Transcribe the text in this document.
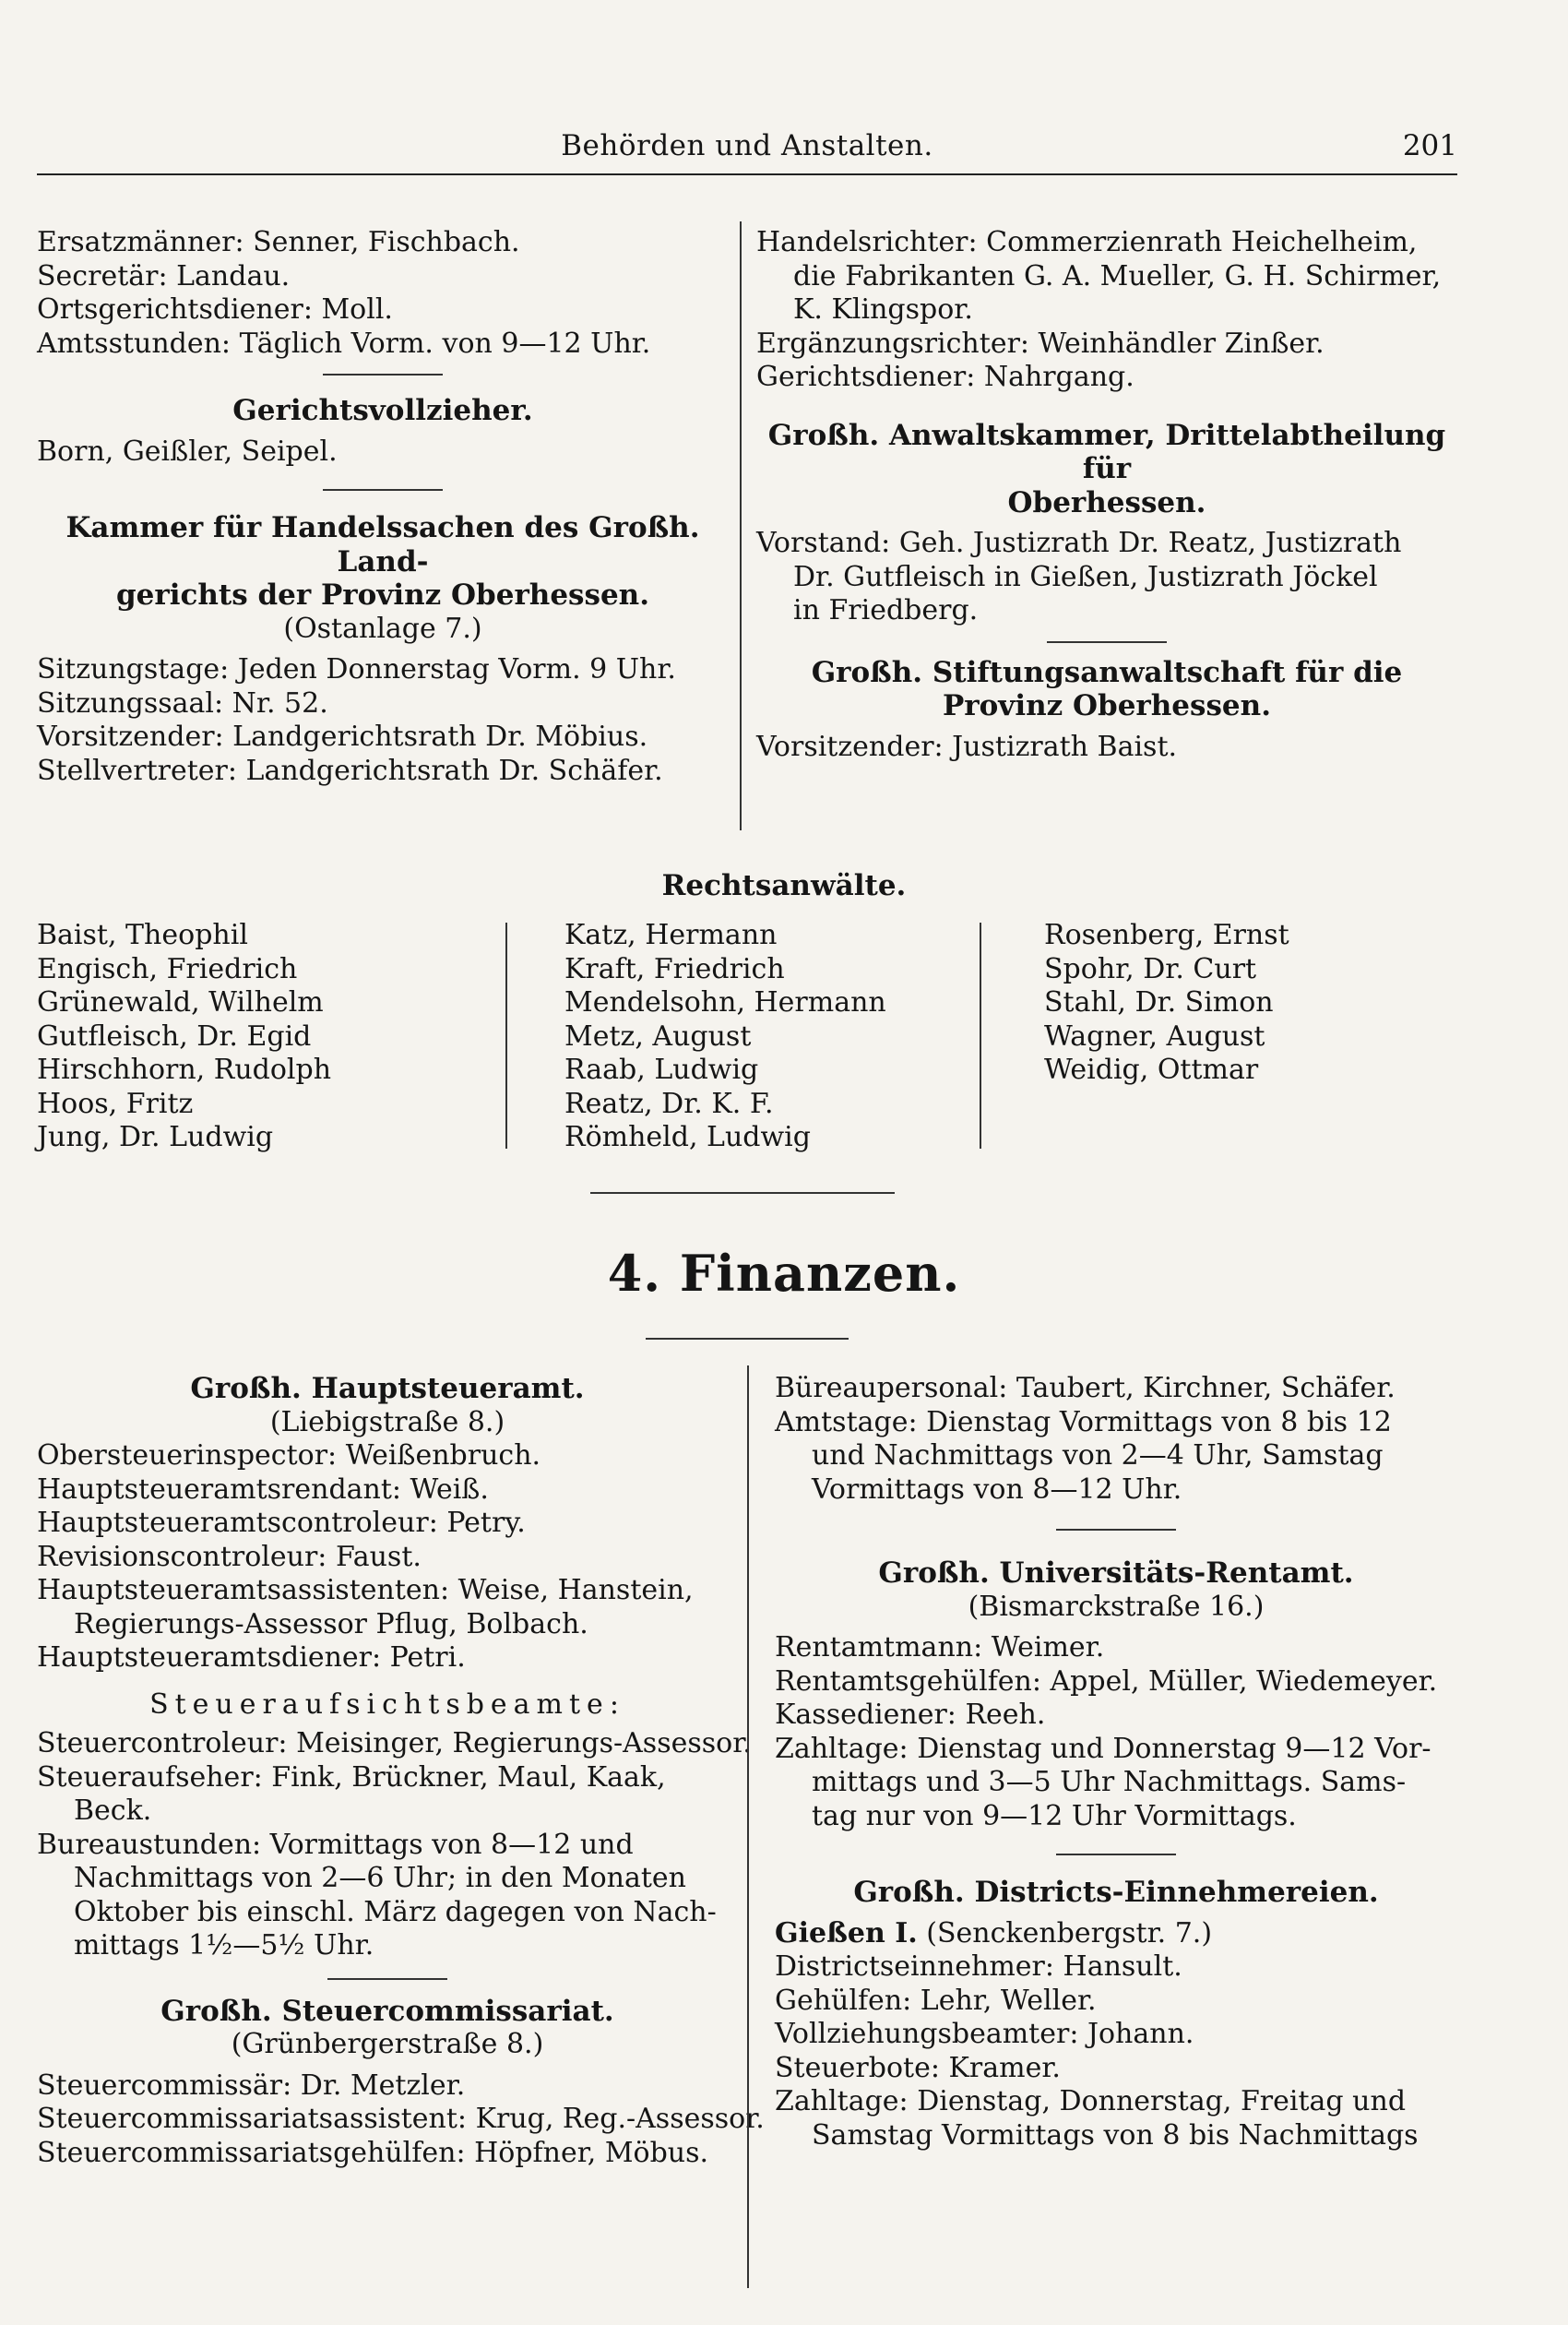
Behörden und Anstalten.	201
Ersatzmänner: Senner, Fischbach.
Secretär: Landau.
Ortsgerichtsdiener: Moll.
Amtsstunden: Täglich Vorm. von 9—12 Uhr.
Gerichtsvollzieher.
Born, Geißler, Seipel.
Kammer für Handelssachen des Großh. Land-
gerichts der Provinz Oberhessen.
(Ostanlage 7.)
Sitzungstage: Jeden Donnerstag Vorm. 9 Uhr.
Sitzungssaal: Nr. 52.
Vorsitzender: Landgerichtsrath Dr. Möbius.
Stellvertreter: Landgerichtsrath Dr. Schäfer.
Handelsrichter: Commerzienrath Heichelheim,
die Fabrikanten G. A. Mueller, G. H. Schirmer,
K. Klingspor.
Ergänzungsrichter: Weinhändler Zinßer.
Gerichtsdiener: Nahrgang.
Großh. Anwaltskammer, Drittelabtheilung für
Oberhessen.
Vorstand: Geh. Justizrath Dr. Reatz, Justizrath
Dr. Gutfleisch in Gießen, Justizrath Jöckel
in Friedberg.
Großh. Stiftungsanwaltschaft für die
Provinz Oberhessen.
Vorsitzender: Justizrath Baist.
Rechtsanwälte.
Baist, Theophil
Engisch, Friedrich
Grünewald, Wilhelm
Gutfleisch, Dr. Egid
Hirschhorn, Rudolph
Hoos, Fritz
Jung, Dr. Ludwig
Katz, Hermann
Kraft, Friedrich
Mendelsohn, Hermann
Metz, August
Raab, Ludwig
Reatz, Dr. K. F.
Römheld, Ludwig
Rosenberg, Ernst
Spohr, Dr. Curt
Stahl, Dr. Simon
Wagner, August
Weidig, Ottmar
4. Finanzen.
Großh. Hauptsteueramt.
(Liebigstraße 8.)
Obersteuerinspector: Weißenbruch.
Hauptsteueramtsrendant: Weiß.
Hauptsteueramtscontroleur: Petry.
Revisionscontroleur: Faust.
Hauptsteueramtsassistenten: Weise, Hanstein,
Regierungs-Assessor Pflug, Bolbach.
Hauptsteueramtsdiener: Petri.
Steueraufsichtsbeamte:
Steuercontroleur: Meisinger, Regierungs-Assessor.
Steueraufseher: Fink, Brückner, Maul, Kaak,
Beck.
Bureaustunden: Vormittags von 8—12 und
Nachmittags von 2—6 Uhr; in den Monaten
Oktober bis einschl. März dagegen von Nach-
mittags 1½—5½ Uhr.
Großh. Steuercommissariat.
(Grünbergerstraße 8.)
Steuercommissär: Dr. Metzler.
Steuercommissariatsassistent: Krug, Reg.-Assessor.
Steuercommissariatsgehülfen: Höpfner, Möbus.
Büreaupersonal: Taubert, Kirchner, Schäfer.
Amtstage: Dienstag Vormittags von 8 bis 12
und Nachmittags von 2—4 Uhr, Samstag
Vormittags von 8—12 Uhr.
Großh. Universitäts-Rentamt.
(Bismarckstraße 16.)
Rentamtmann: Weimer.
Rentamtsgehülfen: Appel, Müller, Wiedemeyer.
Kassediener: Reeh.
Zahltage: Dienstag und Donnerstag 9—12 Vor-
mittags und 3—5 Uhr Nachmittags. Sams-
tag nur von 9—12 Uhr Vormittags.
Großh. Districts-Einnehmereien.
Gießen I. (Senckenbergstr. 7.)
Districtseinnehmer: Hansult.
Gehülfen: Lehr, Weller.
Vollziehungsbeamter: Johann.
Steuerbote: Kramer.
Zahltage: Dienstag, Donnerstag, Freitag und
Samstag Vormittags von 8 bis Nachmittags
